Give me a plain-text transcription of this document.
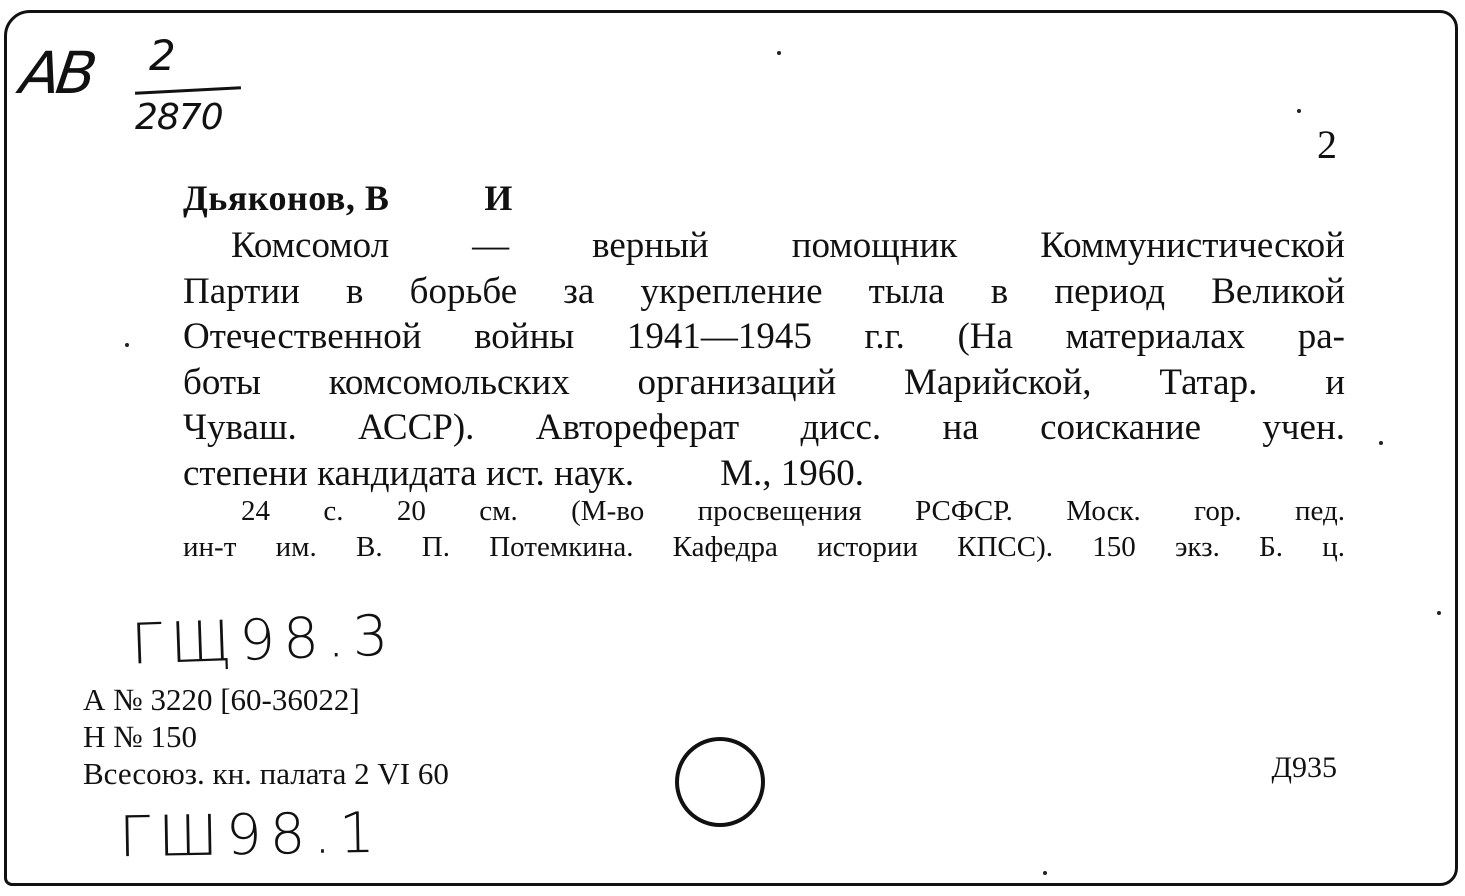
AB 2
2870
2
Дьяконов, В          И
Комсомол — верный помощник Коммунистической
Партии в борьбе за укрепление тыла в период Великой
Отечественной войны 1941—1945 г.г. (На материалах ра-
боты комсомольских организаций Марийской, Татар. и
Чуваш. АССР). Автореферат дисс. на соискание учен.
степени кандидата ист. наук. М., 1960.
24 с. 20 см. (М-во просвещения РСФСР. Моск. гор. пед.
ин-т им. В. П. Потемкина. Кафедра истории КПСС). 150 экз. Б. ц.
ГЩ98.3
А № 3220 [60-36022]
Н № 150
Всесоюз. кн. палата 2 VI 60	Д935
ГШ98.1
